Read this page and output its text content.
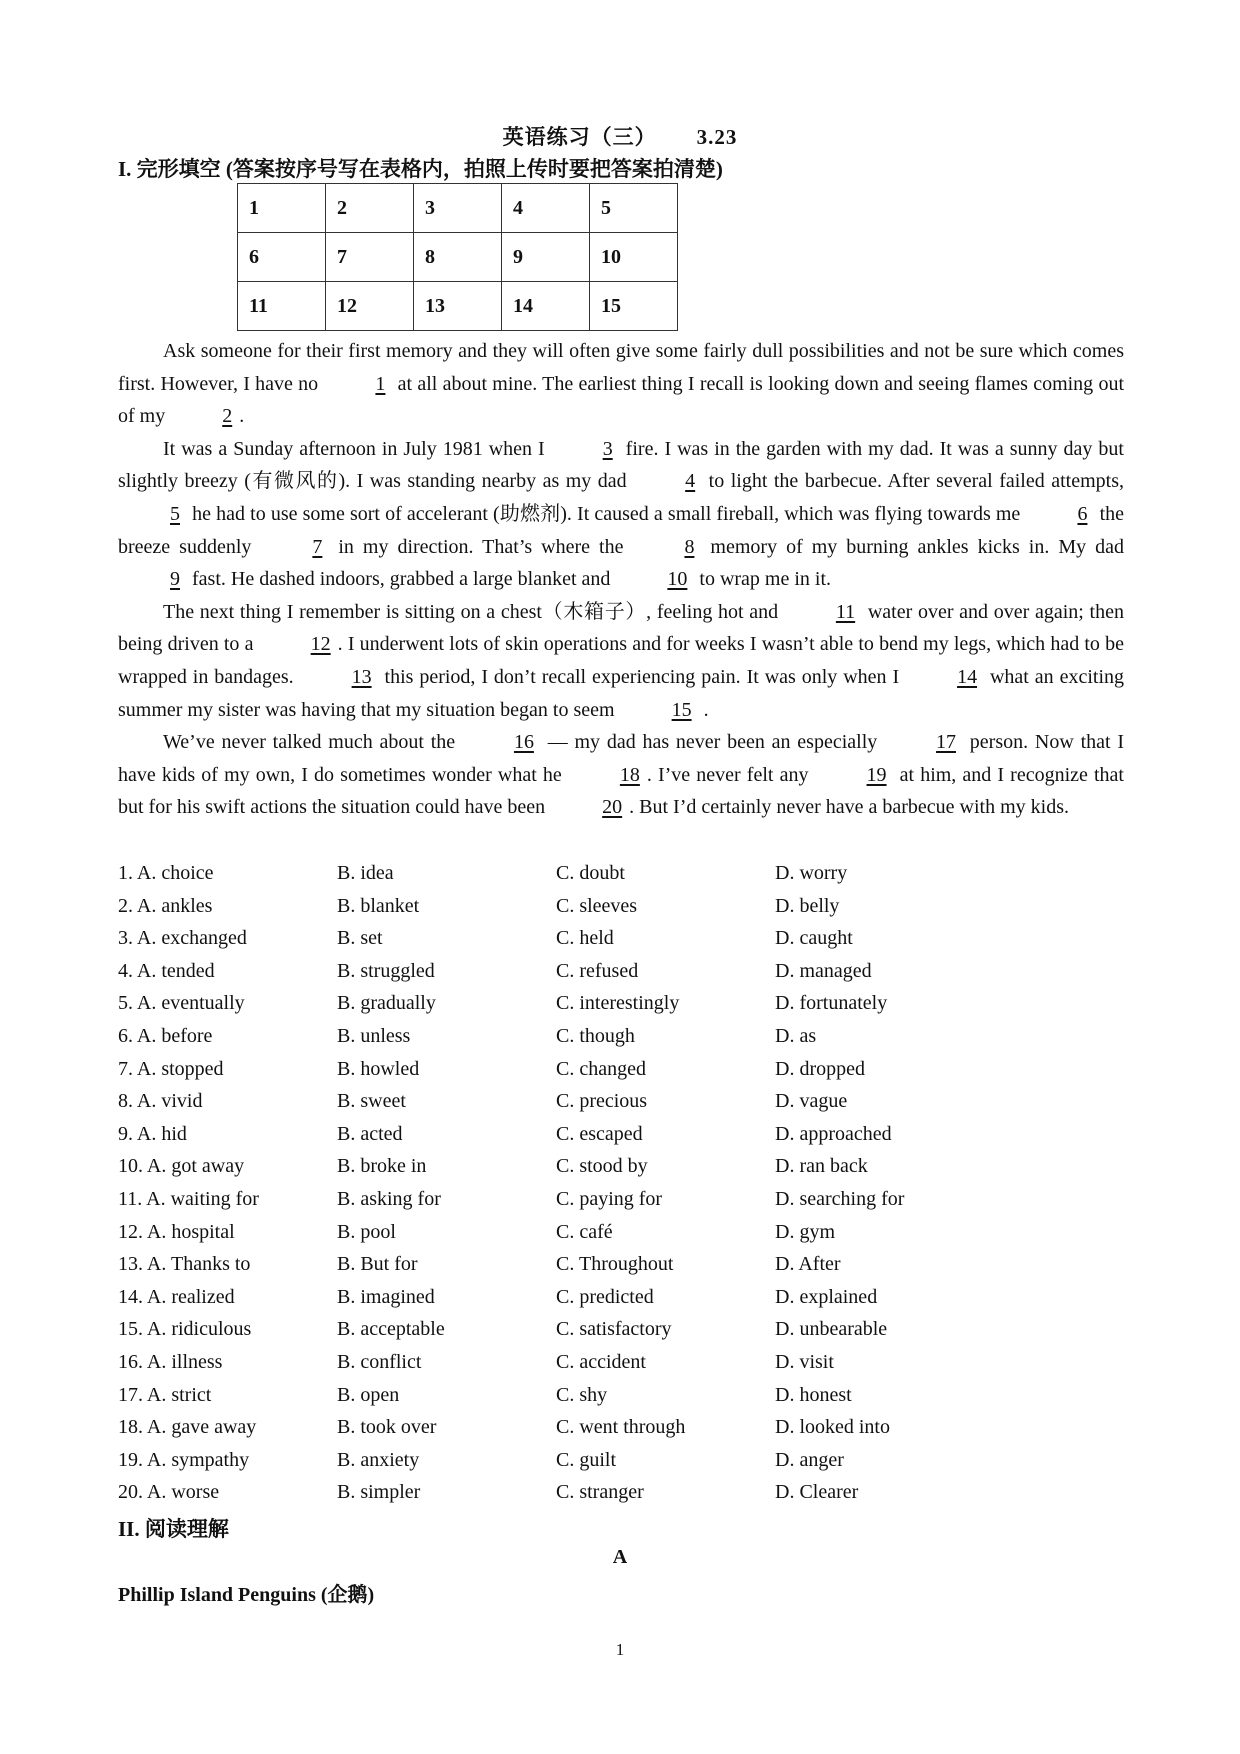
英语练习（三） 3.23
I. 完形填空 (答案按序号写在表格内，拍照上传时要把答案拍清楚)
1	2	3	4	5
6	7	8	9	10
11	12	13	14	15

Ask someone for their first memory and they will often give some fairly dull possibilities and not be sure which comes first. However, I have no	1 at all about mine. The earliest thing I recall is looking down and seeing flames coming out of my	2 .

It was a Sunday afternoon in July 1981 when I	3 fire. I was in the garden with my dad. It was a sunny day but slightly breezy (有微风的). I was standing nearby as my dad	4 to light the barbecue. After several failed attempts, 5 he had to use some sort of accelerant (助燃剂). It caused a small fireball, which was flying towards me	6 the breeze suddenly	7 in my direction. That’s where the	8 memory of my burning ankles kicks in. My dad 9 fast. He dashed indoors, grabbed a large blanket and	10 to wrap me in it.

The next thing I remember is sitting on a chest（木箱子）, feeling hot and	11 water over and over again; then being driven to a	12 . I underwent lots of skin operations and for weeks I wasn’t able to bend my legs, which had to be wrapped in bandages.	13 this period, I don’t recall experiencing pain. It was only when I	14 what an exciting summer my sister was having that my situation began to seem	15 .

We’ve never talked much about the	16 — my dad has never been an especially	17 person. Now that I have kids of my own, I do sometimes wonder what he	18 . I’ve never felt any	19 at him, and I recognize that but for his swift actions the situation could have been	20 . But I’d certainly never have a barbecue with my kids.

1. A. choice	B. idea	C. doubt	D. worry
2. A. ankles	B. blanket	C. sleeves	D. belly
3. A. exchanged	B. set	C. held	D. caught
4. A. tended	B. struggled	C. refused	D. managed
5. A. eventually	B. gradually	C. interestingly	D. fortunately
6. A. before	B. unless	C. though	D. as
7. A. stopped	B. howled	C. changed	D. dropped
8. A. vivid	B. sweet	C. precious	D. vague
9. A. hid	B. acted	C. escaped	D. approached
10. A. got away	B. broke in	C. stood by	D. ran back
11. A. waiting for	B. asking for	C. paying for	D. searching for
12. A. hospital	B. pool	C. café	D. gym
13. A. Thanks to	B. But for	C. Throughout	D. After
14. A. realized	B. imagined	C. predicted	D. explained
15. A. ridiculous	B. acceptable	C. satisfactory	D. unbearable
16. A. illness	B. conflict	C. accident	D. visit
17. A. strict	B. open	C. shy	D. honest
18. A. gave away	B. took over	C. went through	D. looked into
19. A. sympathy	B. anxiety	C. guilt	D. anger
20. A. worse	B. simpler	C. stranger	D. Clearer
II. 阅读理解
A
Phillip Island Penguins (企鹅)
1
